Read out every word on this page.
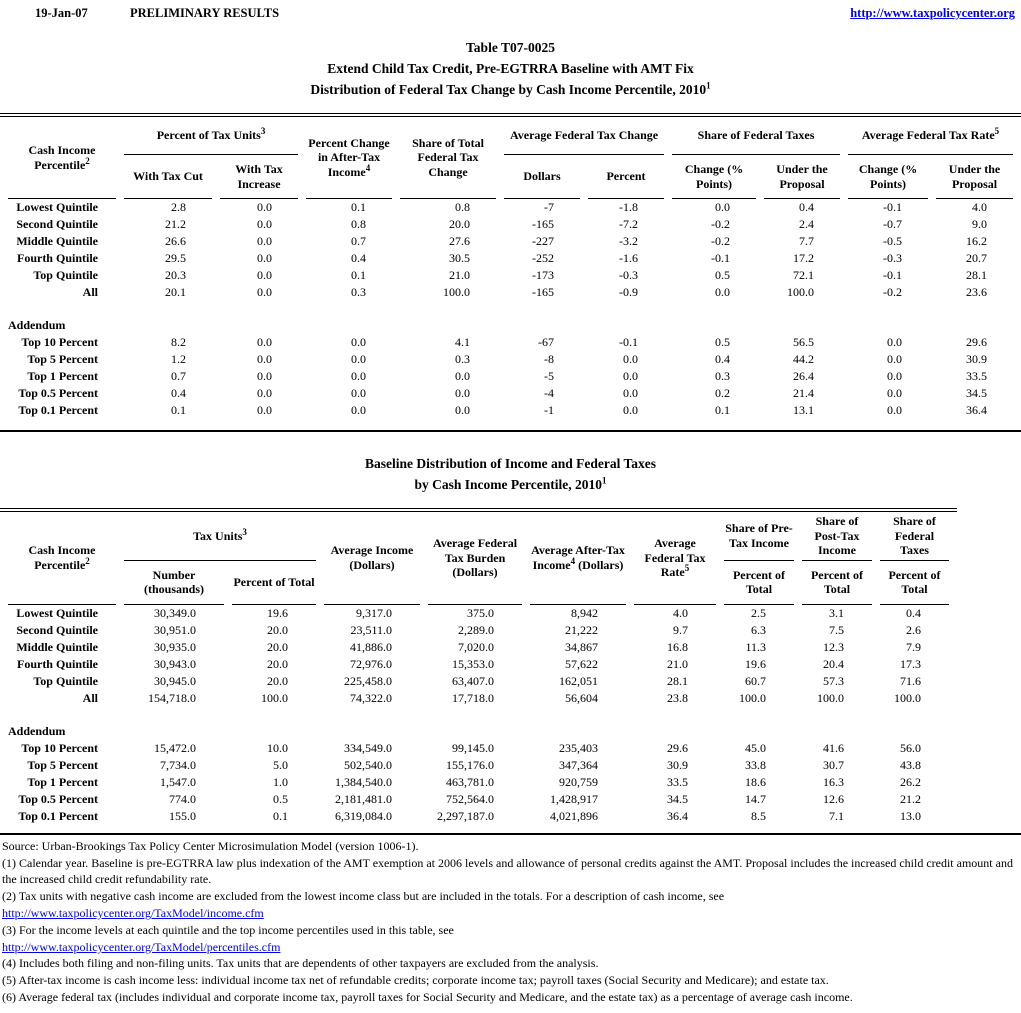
19-Jan-07	PRELIMINARY RESULTS	http://www.taxpolicycenter.org
Table T07-0025
Extend Child Tax Credit, Pre-EGTRRA Baseline with AMT Fix
Distribution of Federal Tax Change by Cash Income Percentile, 2010$^1$
Cash Income Percentile$^2$	Percent of Tax Units$^3$		Percent Change in After-Tax Income$^4$	Share of Total Federal Tax Change	Average Federal Tax Change		Share of Federal Taxes		Average Federal Tax Rate$^5$
	With Tax Cut	With Tax Increase			Dollars	Percent	Change (% Points)	Under the Proposal	Change (% Points)	Under the Proposal
Lowest Quintile	2.8	0.0	0.1	0.8	-7	-1.8	0.0	0.4	-0.1	4.0
Second Quintile	21.2	0.0	0.8	20.0	-165	-7.2	-0.2	2.4	-0.7	9.0
Middle Quintile	26.6	0.0	0.7	27.6	-227	-3.2	-0.2	7.7	-0.5	16.2
Fourth Quintile	29.5	0.0	0.4	30.5	-252	-1.6	-0.1	17.2	-0.3	20.7
Top Quintile	20.3	0.0	0.1	21.0	-173	-0.3	0.5	72.1	-0.1	28.1
All	20.1	0.0	0.3	100.0	-165	-0.9	0.0	100.0	-0.2	23.6

Addendum										
Top 10 Percent	8.2	0.0	0.0	4.1	-67	-0.1	0.5	56.5	0.0	29.6
Top 5 Percent	1.2	0.0	0.0	0.3	-8	0.0	0.4	44.2	0.0	30.9
Top 1 Percent	0.7	0.0	0.0	0.0	-5	0.0	0.3	26.4	0.0	33.5
Top 0.5 Percent	0.4	0.0	0.0	0.0	-4	0.0	0.2	21.4	0.0	34.5
Top 0.1 Percent	0.1	0.0	0.0	0.0	-1	0.0	0.1	13.1	0.0	36.4

Baseline Distribution of Income and Federal Taxes
by Cash Income Percentile, 2010$^1$
Cash Income Percentile$^2$	Tax Units$^3$		Average Income (Dollars)	Average Federal Tax Burden (Dollars)	Average After-Tax Income$^4$ (Dollars)	Average Federal Tax Rate$^5$	Share of Pre-Tax Income	Share of Post-Tax Income	Share of Federal Taxes
	Number (thousands)	Percent of Total					Percent of Total	Percent of Total	Percent of Total
Lowest Quintile	30,349.0	19.6	9,317.0	375.0	8,942	4.0	2.5	3.1	0.4
Second Quintile	30,951.0	20.0	23,511.0	2,289.0	21,222	9.7	6.3	7.5	2.6
Middle Quintile	30,935.0	20.0	41,886.0	7,020.0	34,867	16.8	11.3	12.3	7.9
Fourth Quintile	30,943.0	20.0	72,976.0	15,353.0	57,622	21.0	19.6	20.4	17.3
Top Quintile	30,945.0	20.0	225,458.0	63,407.0	162,051	28.1	60.7	57.3	71.6
All	154,718.0	100.0	74,322.0	17,718.0	56,604	23.8	100.0	100.0	100.0

Addendum									
Top 10 Percent	15,472.0	10.0	334,549.0	99,145.0	235,403	29.6	45.0	41.6	56.0
Top 5 Percent	7,734.0	5.0	502,540.0	155,176.0	347,364	30.9	33.8	30.7	43.8
Top 1 Percent	1,547.0	1.0	1,384,540.0	463,781.0	920,759	33.5	18.6	16.3	26.2
Top 0.5 Percent	774.0	0.5	2,181,481.0	752,564.0	1,428,917	34.5	14.7	12.6	21.2
Top 0.1 Percent	155.0	0.1	6,319,084.0	2,297,187.0	4,021,896	36.4	8.5	7.1	13.0

Source: Urban-Brookings Tax Policy Center Microsimulation Model (version 1006-1).

(1) Calendar year. Baseline is pre-EGTRRA law plus indexation of the AMT exemption at 2006 levels and allowance of personal credits against the AMT. Proposal includes the increased child credit amount and the increased child credit refundability rate.

(2) Tax units with negative cash income are excluded from the lowest income class but are included in the totals. For a description of cash income, see

http://www.taxpolicycenter.org/TaxModel/income.cfm

(3) For the income levels at each quintile and the top income percentiles used in this table, see

http://www.taxpolicycenter.org/TaxModel/percentiles.cfm

(4) Includes both filing and non-filing units. Tax units that are dependents of other taxpayers are excluded from the analysis.

(5) After-tax income is cash income less: individual income tax net of refundable credits; corporate income tax; payroll taxes (Social Security and Medicare); and estate tax.

(6) Average federal tax (includes individual and corporate income tax, payroll taxes for Social Security and Medicare, and the estate tax) as a percentage of average cash income.
